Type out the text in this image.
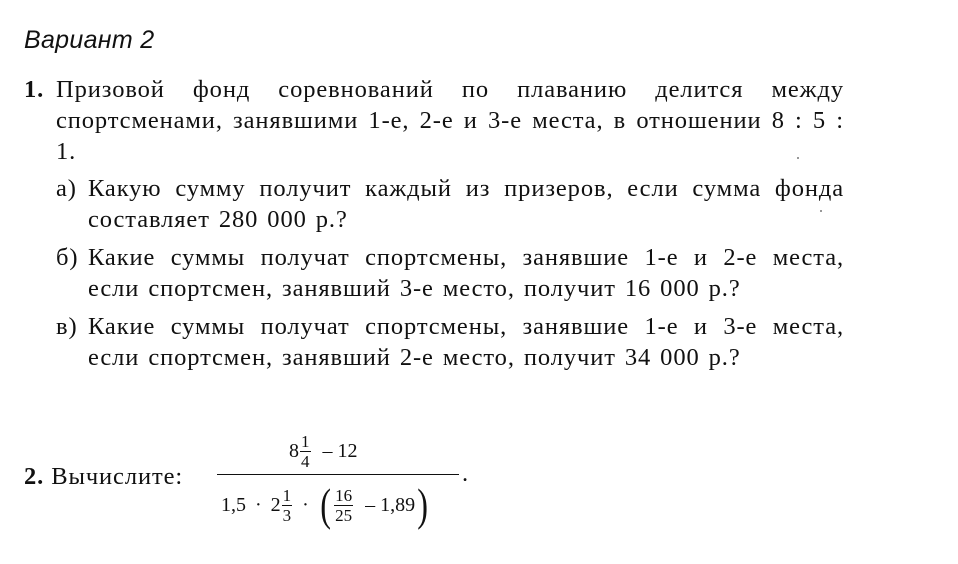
Вариант 2
1. Призовой фонд соревнований по плаванию делится между спортсменами, занявшими 1-е, 2-е и 3-е места, в отношении 8 : 5 : 1.
а) Какую сумму получит каждый из призеров, если сумма фонда составляет 280 000 р.?
б) Какие суммы получат спортсмены, занявшие 1-е и 2-е места, если спортсмен, занявший 3-е место, получит 16 000 р.?
в) Какие суммы получат спортсмены, занявшие 1-е и 3-е места, если спортсмен, занявший 2-е место, получит 34 000 р.?
2. Вычислите:
$8 \frac{1}{4} - 12$
$1,5 \cdot 2 \frac{1}{3}$ · ( $\frac{16}{25} - 1,89$)
.
